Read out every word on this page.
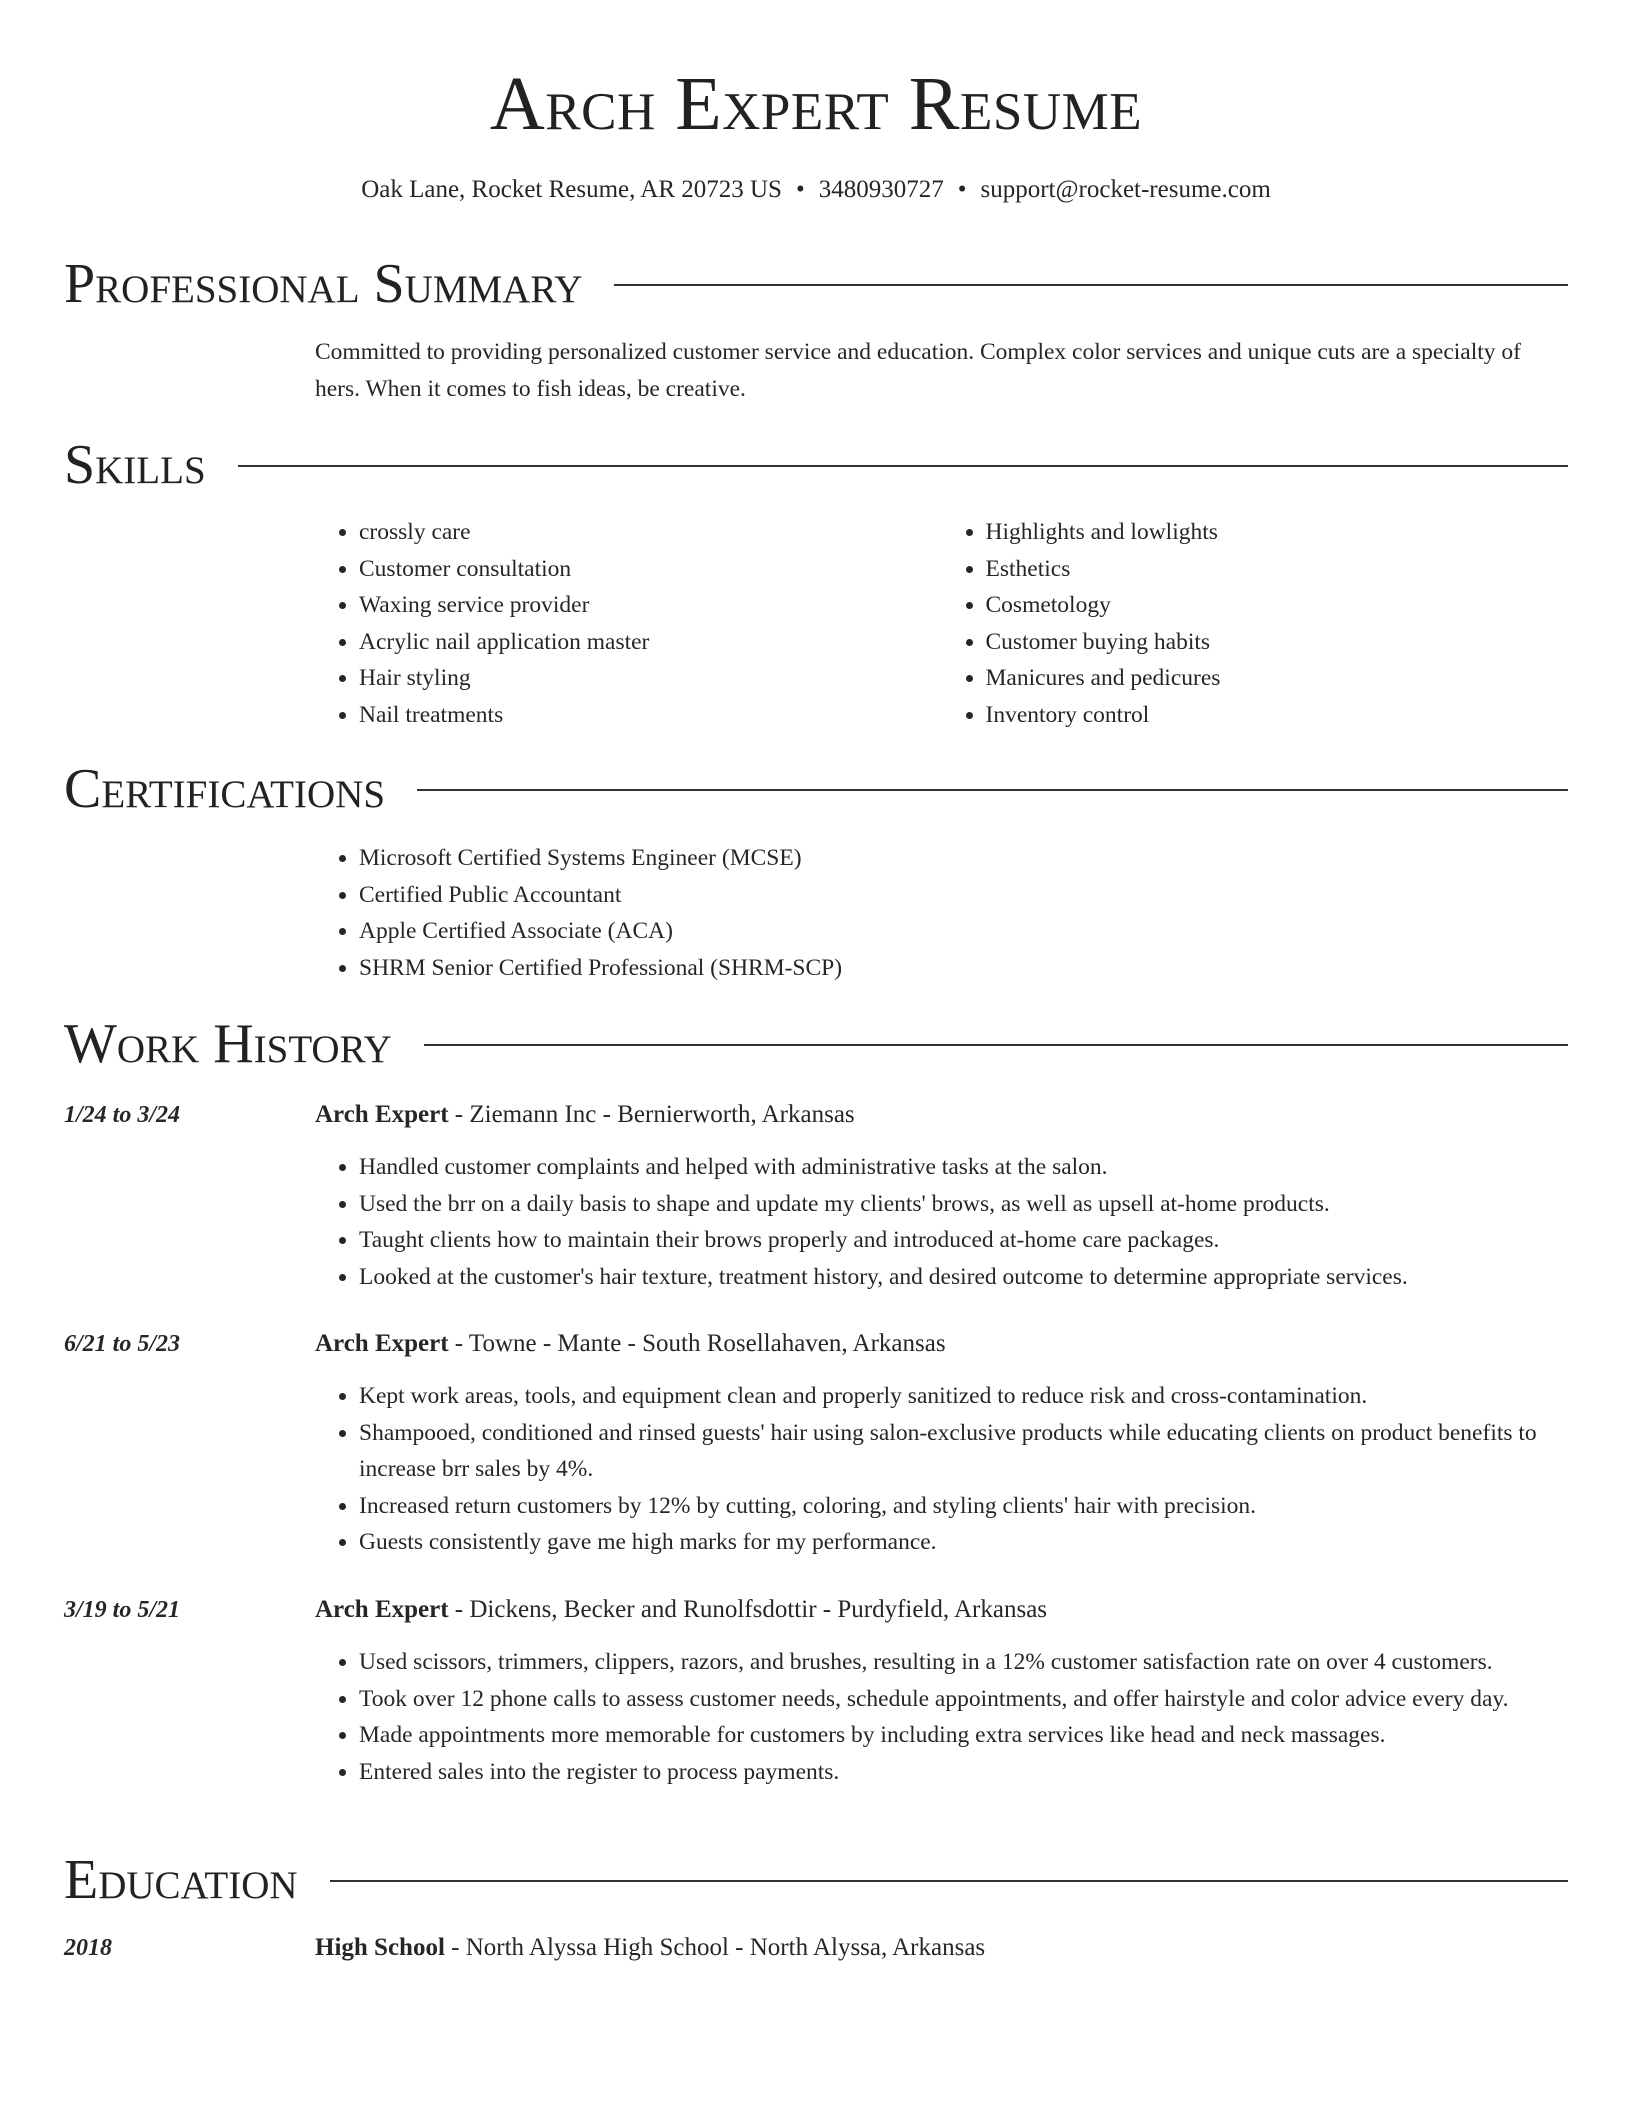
Arch Expert Resume
Oak Lane, Rocket Resume, AR 20723 US • 3480930727 • support@rocket-resume.com
Professional Summary

Committed to providing personalized customer service and education. Complex color services and unique cuts are a specialty of hers. When it comes to fish ideas, be creative.

Skills
• crossly care
• Customer consultation
• Waxing service provider
• Acrylic nail application master
• Hair styling
• Nail treatments
• Highlights and lowlights
• Esthetics
• Cosmetology
• Customer buying habits
• Manicures and pedicures
• Inventory control
Certifications
• Microsoft Certified Systems Engineer (MCSE)
• Certified Public Accountant
• Apple Certified Associate (ACA)
• SHRM Senior Certified Professional (SHRM-SCP)
Work History
1/24 to 3/24	Arch Expert - Ziemann Inc - Bernierworth, Arkansas
• Handled customer complaints and helped with administrative tasks at the salon.
• Used the brr on a daily basis to shape and update my clients' brows, as well as upsell at-home products.
• Taught clients how to maintain their brows properly and introduced at-home care packages.
• Looked at the customer's hair texture, treatment history, and desired outcome to determine appropriate services.
6/21 to 5/23	Arch Expert - Towne - Mante - South Rosellahaven, Arkansas
• Kept work areas, tools, and equipment clean and properly sanitized to reduce risk and cross-contamination.
• Shampooed, conditioned and rinsed guests' hair using salon-exclusive products while educating clients on product benefits to increase brr sales by 4%.
• Increased return customers by 12% by cutting, coloring, and styling clients' hair with precision.
• Guests consistently gave me high marks for my performance.
3/19 to 5/21	Arch Expert - Dickens, Becker and Runolfsdottir - Purdyfield, Arkansas
• Used scissors, trimmers, clippers, razors, and brushes, resulting in a 12% customer satisfaction rate on over 4 customers.
• Took over 12 phone calls to assess customer needs, schedule appointments, and offer hairstyle and color advice every day.
• Made appointments more memorable for customers by including extra services like head and neck massages.
• Entered sales into the register to process payments.
Education
2018	High School - North Alyssa High School - North Alyssa, Arkansas
